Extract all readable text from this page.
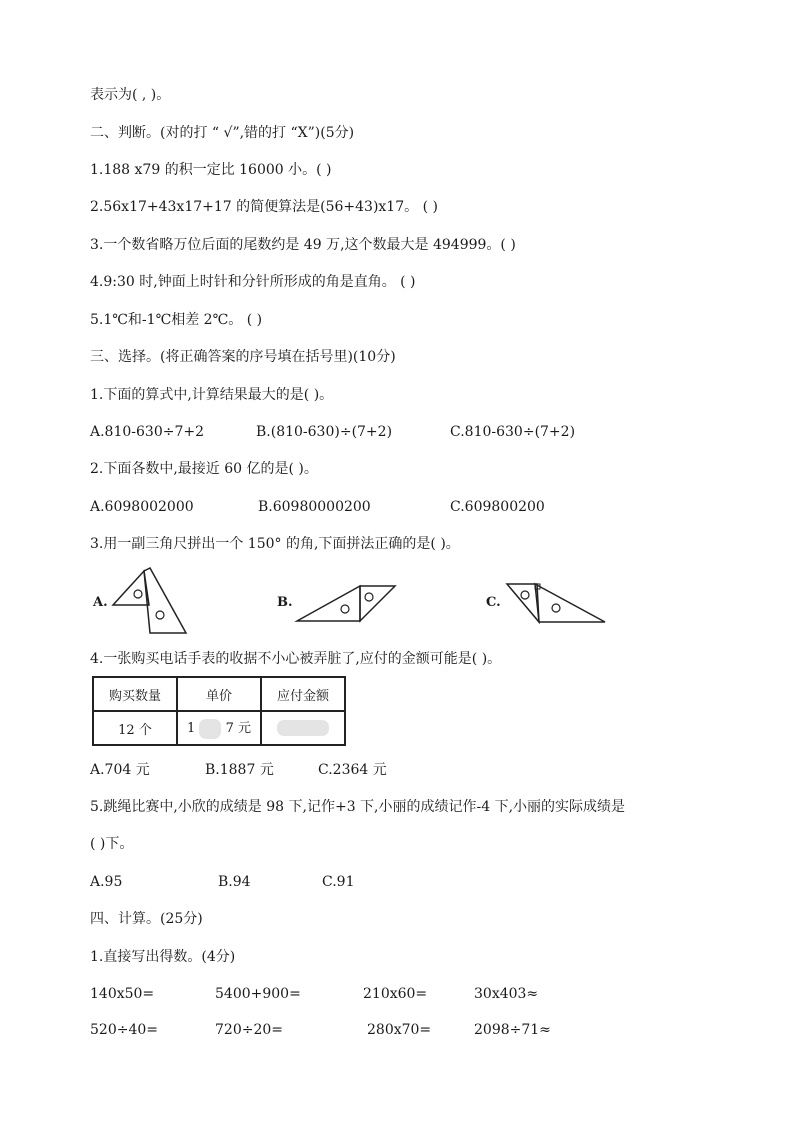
表示为( , )。
二、判断。(对的打 “ √”,错的打 “X”)(5分)
1.188 x79 的积一定比 16000 小。( )
2.56x17+43x17+17 的简便算法是(56+43)x17。 ( )
3.一个数省略万位后面的尾数约是 49 万,这个数最大是 494999。( )
4.9:30 时,钟面上时针和分针所形成的角是直角。 ( )
5.1℃和-1℃相差 2℃。 ( )
三、选择。(将正确答案的序号填在括号里)(10分)
1.下面的算式中,计算结果最大的是( )。
A.810-630÷7+2	B.(810-630)÷(7+2)	C.810-630÷(7+2)
2.下面各数中,最接近 60 亿的是( )。
A.6098002000	B.60980000200	C.609800200
3.用一副三角尺拼出一个 150° 的角,下面拼法正确的是( )。
A.	B.	C.
4.一张购买电话手表的收据不小心被弄脏了,应付的金额可能是( )。
购买数量	单价	应付金额
12 个	1 7 元	
A.704 元	B.1887 元	C.2364 元
5.跳绳比赛中,小欣的成绩是 98 下,记作+3 下,小丽的成绩记作-4 下,小丽的实际成绩是
( )下。
A.95	B.94	C.91
四、计算。(25分)
1.直接写出得数。(4分)
140x50=	5400+900=	210x60=	30x403≈
520÷40=	720÷20=	280x70=	2098÷71≈
